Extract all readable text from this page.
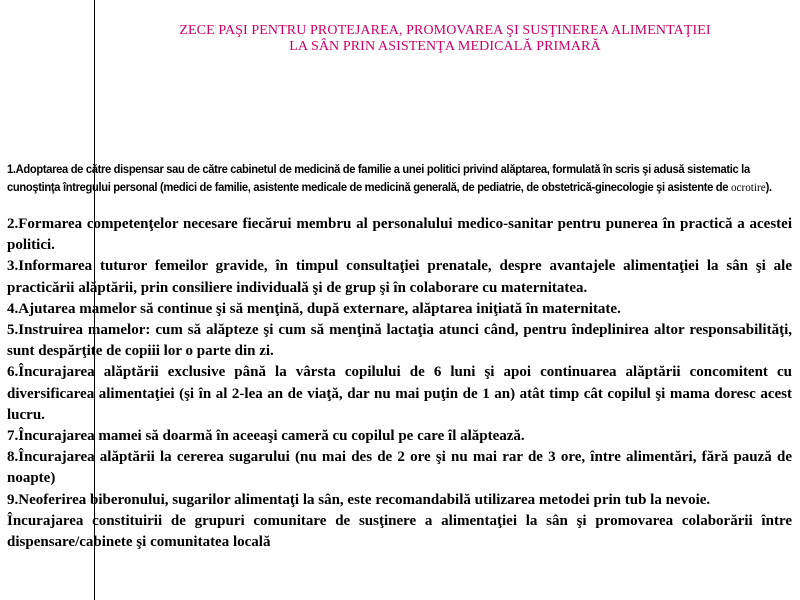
ZECE PAŞI PENTRU PROTEJAREA, PROMOVAREA ŞI SUSŢINEREA ALIMENTAŢIEI
LA SÂN PRIN ASISTENŢA MEDICALĂ PRIMARĂ
1.Adoptarea de către dispensar sau de către cabinetul de medicină de familie a unei politici privind alăptarea, formulată în scris şi adusă sistematic la cunoştinţa întregului personal (medici de familie, asistente medicale de medicină generală, de pediatrie, de obstetrică-ginecologie şi asistente de ocrotire).

2.Formarea competenţelor necesare fiecărui membru al personalului medico-sanitar pentru punerea în practică a acestei politici.

3.Informarea tuturor femeilor gravide, în timpul consultaţiei prenatale, despre avantajele alimentaţiei la sân şi ale practicării alăptării, prin consiliere individuală şi de grup şi în colaborare cu maternitatea.

4.Ajutarea mamelor să continue şi să menţină, după externare, alăptarea iniţiată în maternitate.

5.Instruirea mamelor: cum să alăpteze şi cum să menţină lactaţia atunci când, pentru îndeplinirea altor responsabilităţi, sunt despărţite de copiii lor o parte din zi.

6.Încurajarea alăptării exclusive până la vârsta copilului de 6 luni şi apoi continuarea alăptării concomitent cu diversificarea alimentaţiei (şi în al 2-lea an de viaţă, dar nu mai puţin de 1 an) atât timp cât copilul şi mama doresc acest lucru.

7.Încurajarea mamei să doarmă în aceeaşi cameră cu copilul pe care îl alăptează.

8.Încurajarea alăptării la cererea sugarului (nu mai des de 2 ore şi nu mai rar de 3 ore, între alimentări, fără pauză de noapte)

9.Neoferirea biberonului, sugarilor alimentaţi la sân, este recomandabilă utilizarea metodei prin tub la nevoie.

Încurajarea constituirii de grupuri comunitare de susţinere a alimentaţiei la sân şi promovarea colaborării între dispensare/cabinete şi comunitatea locală
